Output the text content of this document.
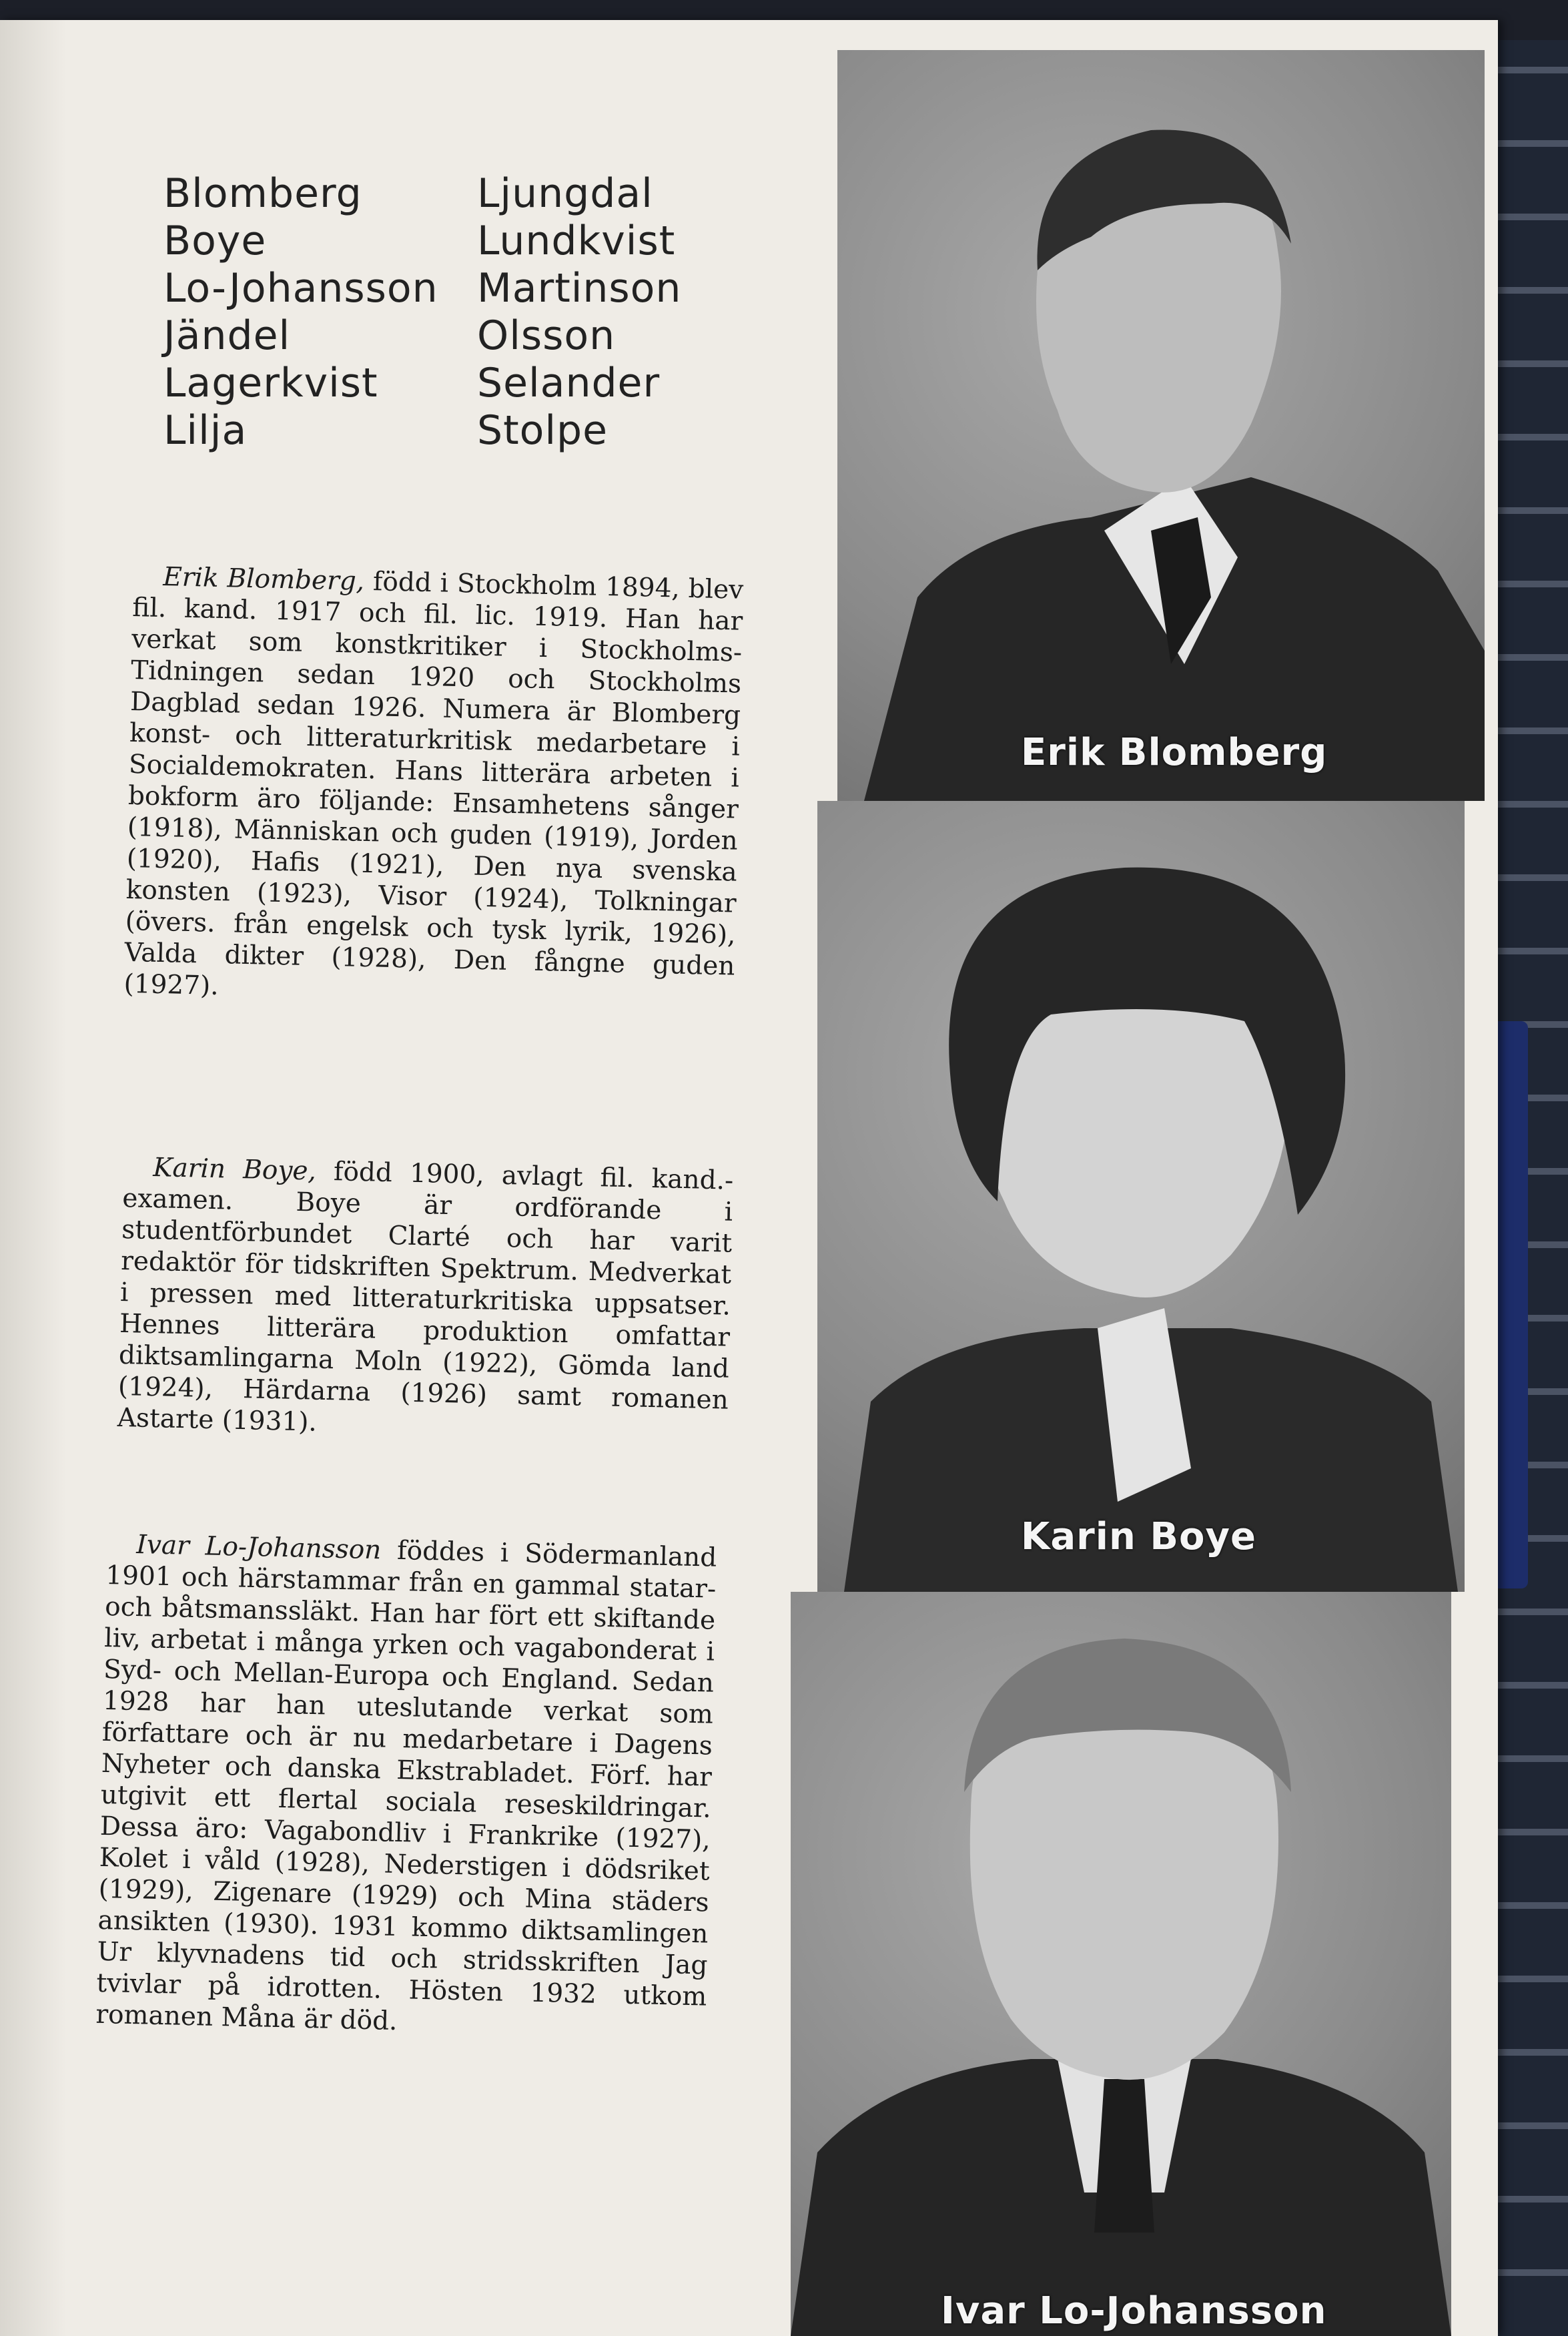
Blomberg
Boye
Lo-Johansson
Jändel
Lagerkvist
Lilja
Ljungdal
Lundkvist
Martinson
Olsson
Selander
Stolpe
Erik Blomberg, född i Stockholm 1894, blev fil. kand. 1917 och fil. lic. 1919. Han har verkat som konstkritiker i Stockholms-Tidningen sedan 1920 och Stockholms Dagblad sedan 1926. Numera är Blomberg konst- och litteraturkritisk medarbetare i Socialdemokraten. Hans litterära arbeten i bokform äro följande: Ensamhetens sånger (1918), Människan och guden (1919), Jorden (1920), Hafis (1921), Den nya svenska konsten (1923), Visor (1924), Tolkningar (övers. från engelsk och tysk lyrik, 1926), Valda dikter (1928), Den fångne guden (1927).
Karin Boye, född 1900, avlagt fil. kand.-examen. Boye är ordförande i studentförbundet Clarté och har varit redaktör för tidskriften Spektrum. Medverkat i pressen med litteraturkritiska uppsatser. Hennes litterära produktion omfattar diktsamlingarna Moln (1922), Gömda land (1924), Härdarna (1926) samt romanen Astarte (1931).
Ivar Lo-Johansson föddes i Södermanland 1901 och härstammar från en gammal statar- och båtsmanssläkt. Han har fört ett skiftande liv, arbetat i många yrken och vagabonderat i Syd- och Mellan-Europa och England. Sedan 1928 har han uteslutande verkat som författare och är nu medarbetare i Dagens Nyheter och danska Ekstrabladet. Förf. har utgivit ett flertal sociala reseskildringar. Dessa äro: Vagabondliv i Frankrike (1927), Kolet i våld (1928), Nederstigen i dödsriket (1929), Zigenare (1929) och Mina städers ansikten (1930). 1931 kommo diktsamlingen Ur klyvnadens tid och stridsskriften Jag tvivlar på idrotten. Hösten 1932 utkom romanen Måna är död.
Erik Blomberg
Karin Boye
Ivar Lo-Johansson
